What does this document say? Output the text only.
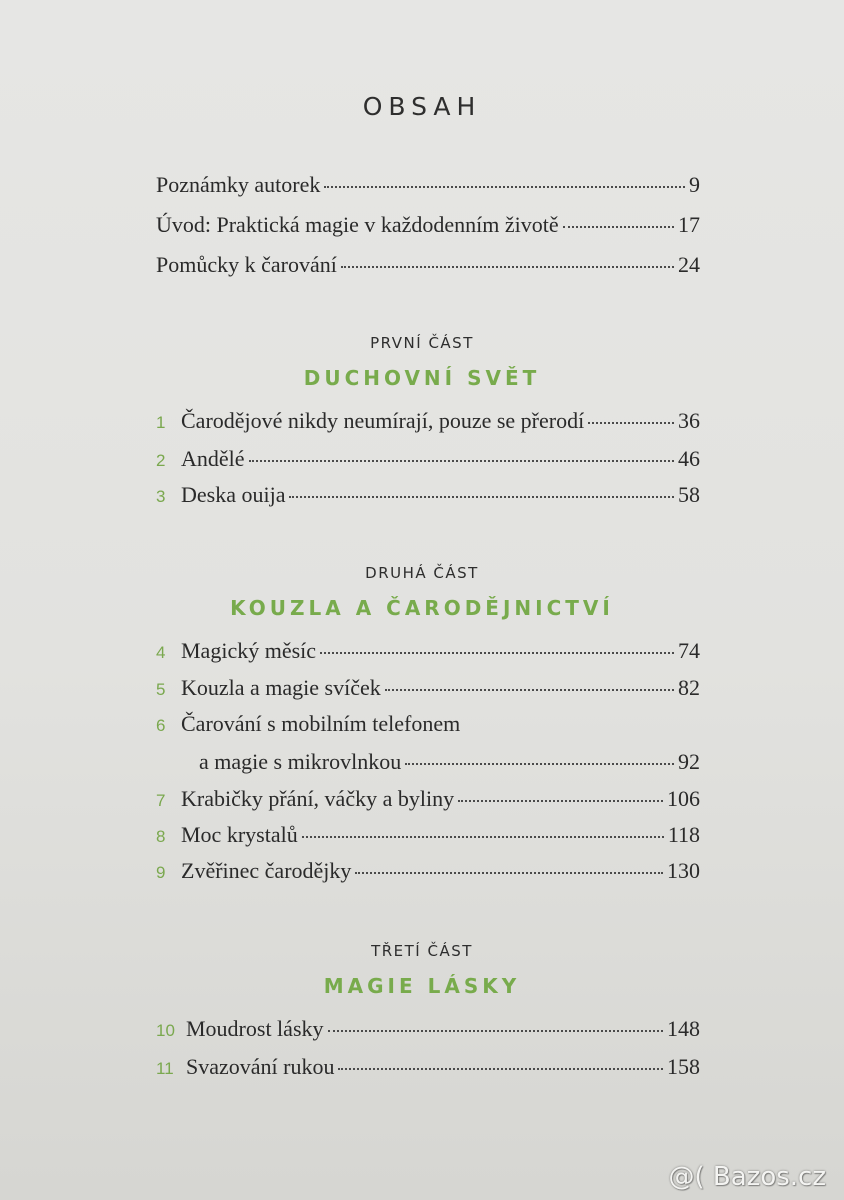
OBSAH
Poznámky autorek	9
Úvod: Praktická magie v každodenním životě	17
Pomůcky k čarování	24
PRVNÍ ČÁST
DUCHOVNÍ SVĚT
1 Čarodějové nikdy neumírají, pouze se přerodí	36
2 Andělé	46
3 Deska ouija	58
DRUHÁ ČÁST
KOUZLA A ČARODĚJNICTVÍ
4 Magický měsíc	74
5 Kouzla a magie svíček	82
6 Čarování s mobilním telefonem
a magie s mikrovlnkou	92
7 Krabičky přání, váčky a byliny	106
8 Moc krystalů	118
9 Zvěřinec čarodějky	130
TŘETÍ ČÁST
MAGIE LÁSKY
10 Moudrost lásky	148
11 Svazování rukou	158
@( Bazos.cz
